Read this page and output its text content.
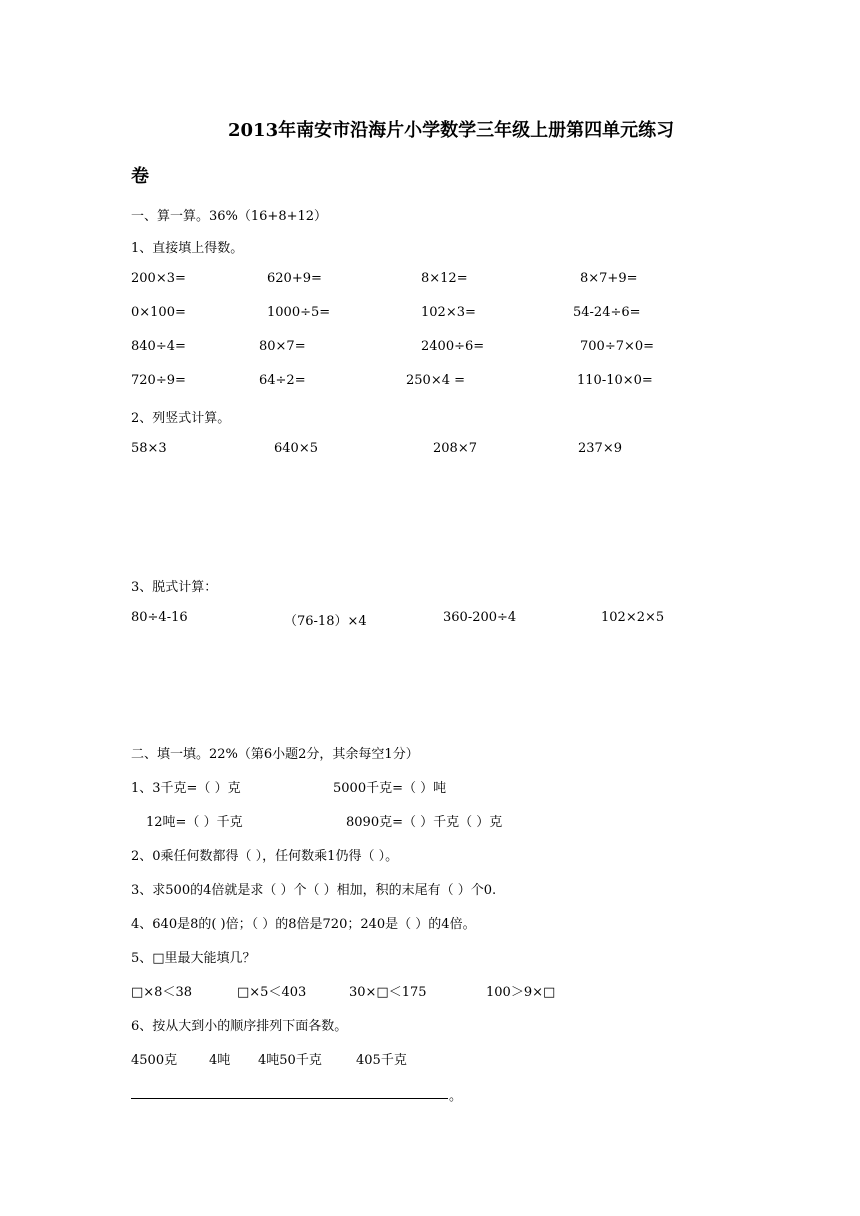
2013年南安市沿海片小学数学三年级上册第四单元练习
卷
一、算一算。36%（16+8+12）
1、直接填上得数。
200×3=	620+9=	8×12=	8×7+9=
0×100=	1000÷5=	102×3=	54-24÷6=
840÷4=	80×7=	2400÷6=	700÷7×0=
720÷9=	64÷2=	250×4 =	110-10×0=
2、列竖式计算。
58×3	640×5	208×7	237×9
3、脱式计算：
80÷4-16	（76-18）×4	360-200÷4	102×2×5
二、填一填。22%（第6小题2分，其余每空1分）
1、3千克=（ ）克	5000千克=（ ）吨
12吨=（ ）千克	8090克=（ ）千克（ ）克
2、0乘任何数都得（ ），任何数乘1仍得（ ）。
3、求500的4倍就是求（ ）个（ ）相加，积的末尾有（ ）个0.
4、640是8的( )倍；（ ）的8倍是720；240是（ ）的4倍。
5、□里最大能填几？
□×8＜38	□×5＜403	30×□＜175	100＞9×□
6、按从大到小的顺序排列下面各数。
4500克 4吨 4吨50千克	405千克
。
